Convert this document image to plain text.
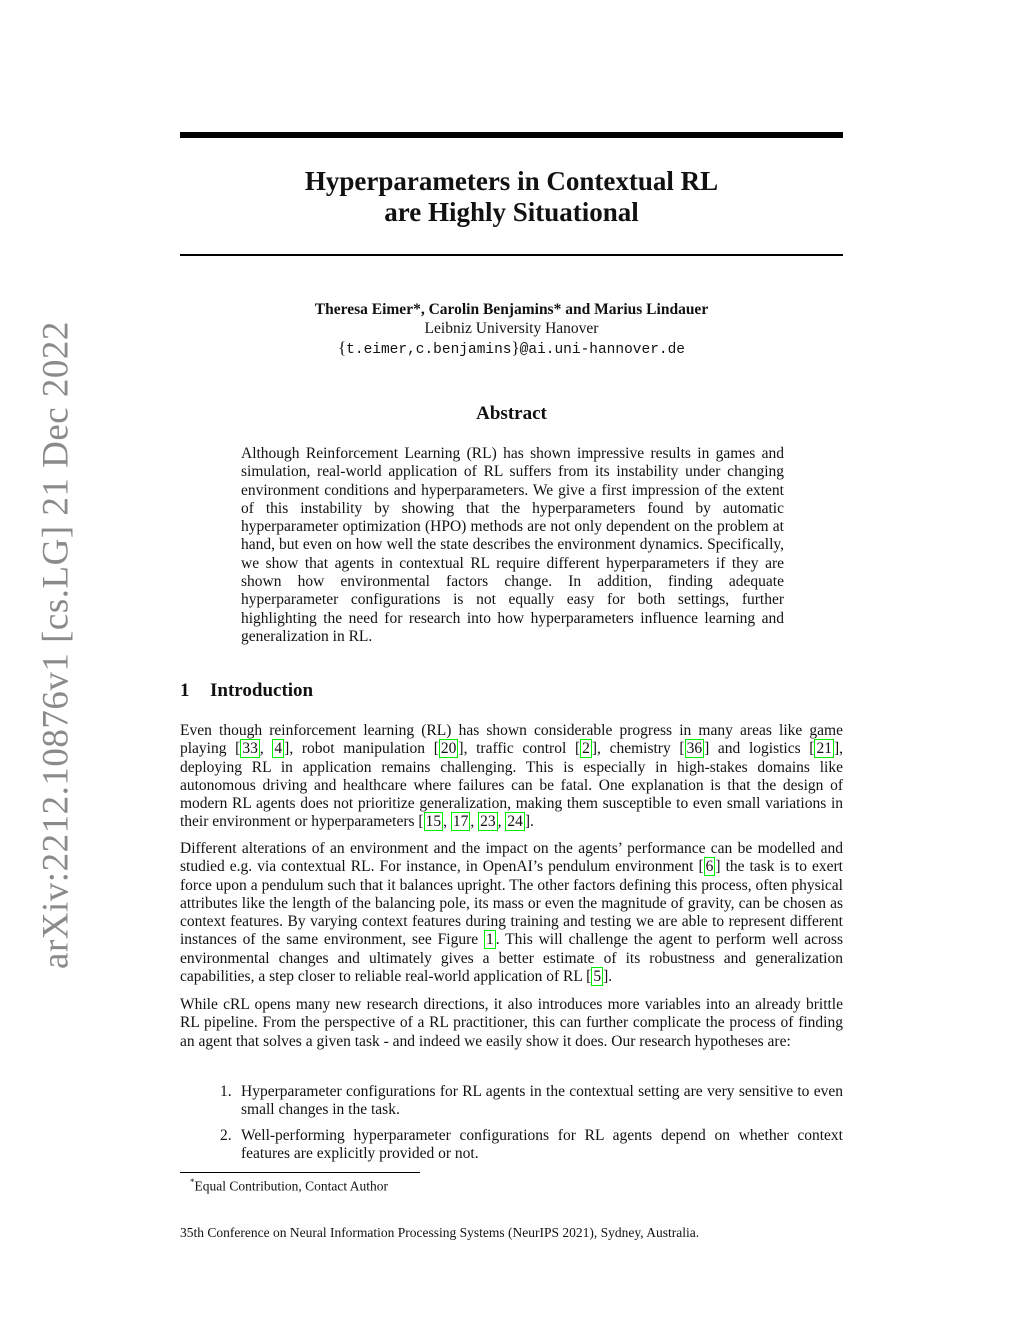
arXiv:2212.10876v1 [cs.LG] 21 Dec 2022
Hyperparameters in Contextual RL
are Highly Situational
Theresa Eimer*, Carolin Benjamins* and Marius Lindauer
Leibniz University Hanover
{t.eimer,c.benjamins}@ai.uni-hannover.de
Abstract

Although Reinforcement Learning (RL) has shown impressive results in games and simulation, real-world application of RL suffers from its instability under changing environment conditions and hyperparameters. We give a first impression of the extent of this instability by showing that the hyperparameters found by automatic hyperparameter optimization (HPO) methods are not only dependent on the problem at hand, but even on how well the state describes the environment dynamics. Specifically, we show that agents in contextual RL require different hyperparameters if they are shown how environmental factors change. In addition, finding adequate hyperparameter configurations is not equally easy for both settings, further highlighting the need for research into how hyperparameters influence learning and generalization in RL.

1 Introduction

Even though reinforcement learning (RL) has shown considerable progress in many areas like game playing [ 33 , 4 ], robot manipulation [ 20 ], traffic control [ 2 ], chemistry [ 36 ] and logistics [ 21 ], deploying RL in application remains challenging. This is especially in high-stakes domains like autonomous driving and healthcare where failures can be fatal. One explanation is that the design of modern RL agents does not prioritize generalization, making them susceptible to even small variations in their environment or hyperparameters [ 15 , 17 , 23 , 24 ].

Different alterations of an environment and the impact on the agents’ performance can be modelled and studied e.g. via contextual RL. For instance, in OpenAI’s pendulum environment [ 6 ] the task is to exert force upon a pendulum such that it balances upright. The other factors defining this process, often physical attributes like the length of the balancing pole, its mass or even the magnitude of gravity, can be chosen as context features. By varying context features during training and testing we are able to represent different instances of the same environment, see Figure 1 . This will challenge the agent to perform well across environmental changes and ultimately gives a better estimate of its robustness and generalization capabilities, a step closer to reliable real-world application of RL [ 5 ].

While cRL opens many new research directions, it also introduces more variables into an already brittle RL pipeline. From the perspective of a RL practitioner, this can further complicate the process of finding an agent that solves a given task - and indeed we easily show it does. Our research hypotheses are:

1. Hyperparameter configurations for RL agents in the contextual setting are very sensitive to even small changes in the task.
2. Well-performing hyperparameter configurations for RL agents depend on whether context features are explicitly provided or not.
*Equal Contribution, Contact Author
35th Conference on Neural Information Processing Systems (NeurIPS 2021), Sydney, Australia.
